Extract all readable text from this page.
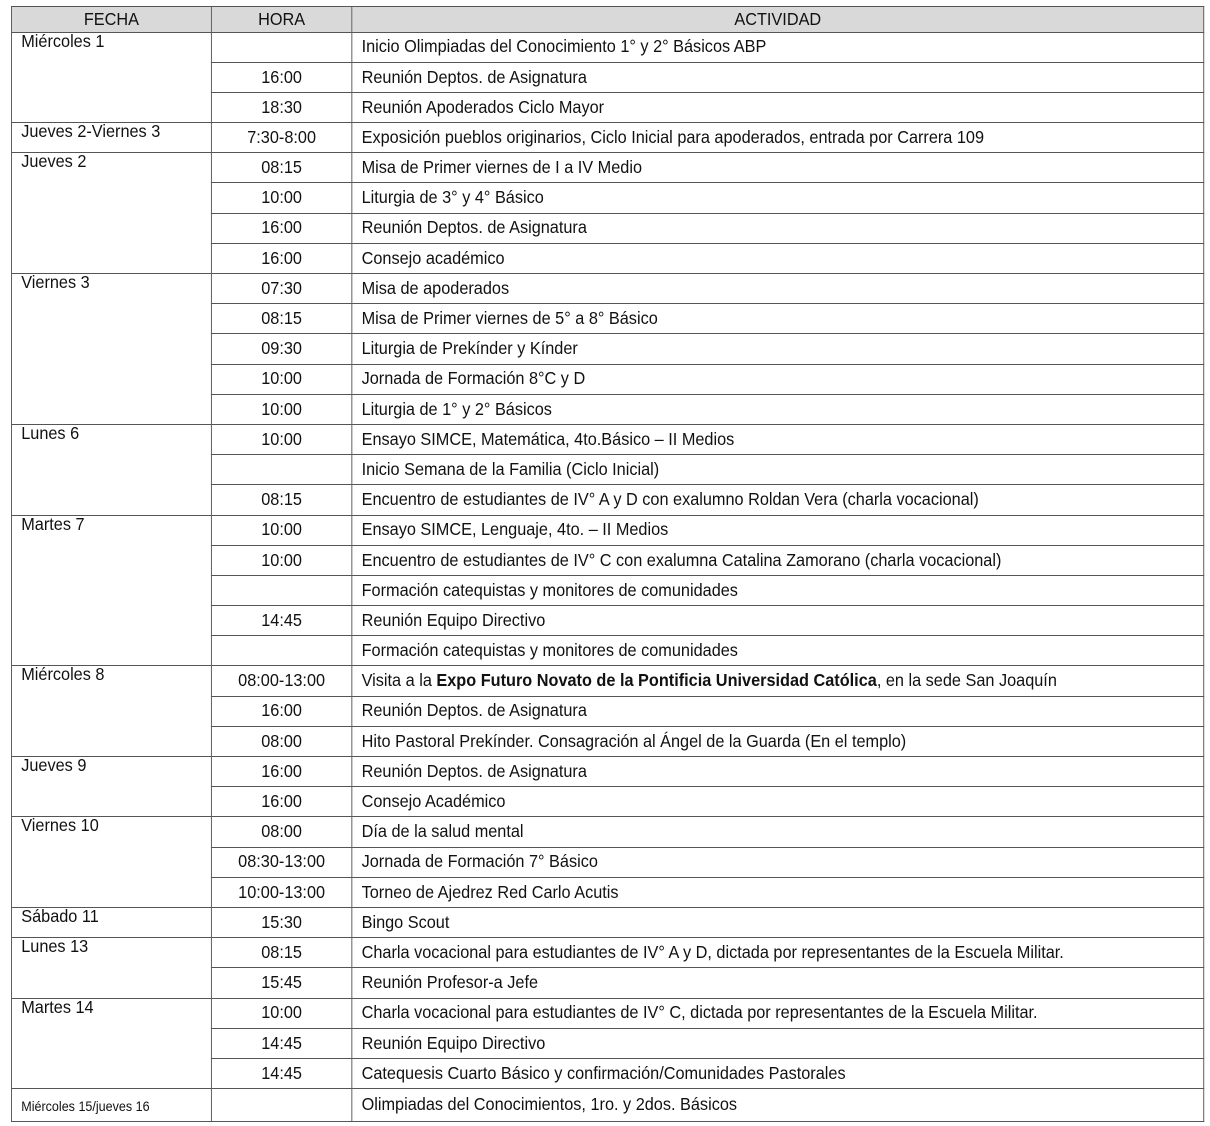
FECHA	HORA	ACTIVIDAD
Miércoles 1		Inicio Olimpiadas del Conocimiento 1° y 2° Básicos ABP
	16:00	Reunión Deptos. de Asignatura
	18:30	Reunión Apoderados Ciclo Mayor
Jueves 2-Viernes 3	7:30-8:00	Exposición pueblos originarios, Ciclo Inicial para apoderados, entrada por Carrera 109
Jueves 2	08:15	Misa de Primer viernes de I a IV Medio
	10:00	Liturgia de 3° y 4° Básico
	16:00	Reunión Deptos. de Asignatura
	16:00	Consejo académico
Viernes 3	07:30	Misa de apoderados
	08:15	Misa de Primer viernes de 5° a 8° Básico
	09:30	Liturgia de Prekínder y Kínder
	10:00	Jornada de Formación 8°C y D
	10:00	Liturgia de 1° y 2° Básicos
Lunes 6	10:00	Ensayo SIMCE, Matemática, 4to.Básico – II Medios
		Inicio Semana de la Familia (Ciclo Inicial)
	08:15	Encuentro de estudiantes de IV° A y D con exalumno Roldan Vera (charla vocacional)
Martes 7	10:00	Ensayo SIMCE, Lenguaje, 4to. – II Medios
	10:00	Encuentro de estudiantes de IV° C con exalumna Catalina Zamorano (charla vocacional)
		Formación catequistas y monitores de comunidades
	14:45	Reunión Equipo Directivo
		Formación catequistas y monitores de comunidades
Miércoles 8	08:00-13:00	Visita a la Expo Futuro Novato de la Pontificia Universidad Católica, en la sede San Joaquín
	16:00	Reunión Deptos. de Asignatura
	08:00	Hito Pastoral Prekínder. Consagración al Ángel de la Guarda (En el templo)
Jueves 9	16:00	Reunión Deptos. de Asignatura
	16:00	Consejo Académico
Viernes 10	08:00	Día de la salud mental
	08:30-13:00	Jornada de Formación 7° Básico
	10:00-13:00	Torneo de Ajedrez Red Carlo Acutis
Sábado 11	15:30	Bingo Scout
Lunes 13	08:15	Charla vocacional para estudiantes de IV° A y D, dictada por representantes de la Escuela Militar.
	15:45	Reunión Profesor-a Jefe
Martes 14	10:00	Charla vocacional para estudiantes de IV° C, dictada por representantes de la Escuela Militar.
	14:45	Reunión Equipo Directivo
	14:45	Catequesis Cuarto Básico y confirmación/Comunidades Pastorales
Miércoles 15/jueves 16		Olimpiadas del Conocimientos, 1ro. y 2dos. Básicos
